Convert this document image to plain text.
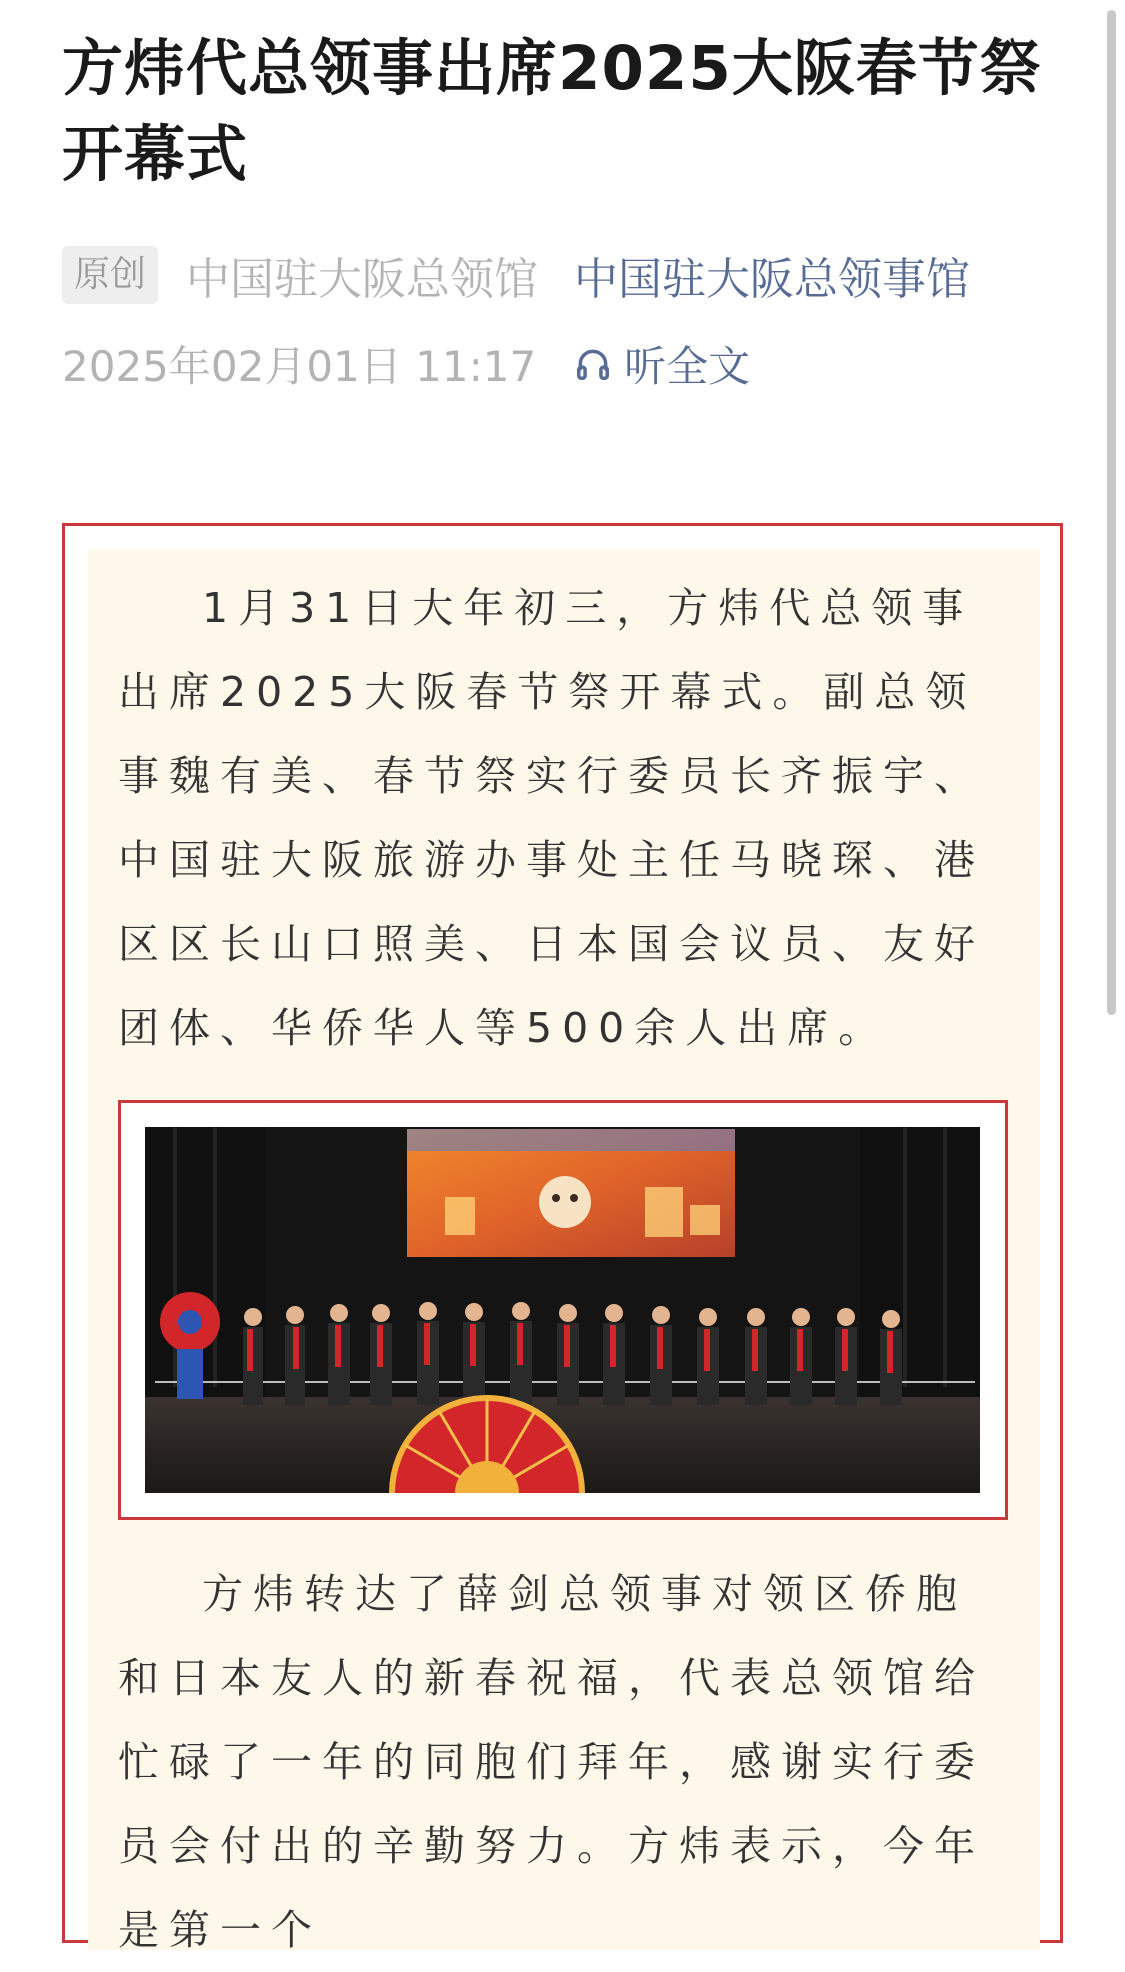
方炜代总领事出席2025大阪春节祭开幕式
原创 中国驻大阪总领馆 中国驻大阪总领事馆
2025年02月01日 11:17 听全文

1月31日大年初三，方炜代总领事出席2025大阪春节祭开幕式。副总领事魏有美、春节祭实行委员长齐振宇、中国驻大阪旅游办事处主任马晓琛、港区区长山口照美、日本国会议员、友好团体、华侨华人等500余人出席。

方炜转达了薛剑总领事对领区侨胞和日本友人的新春祝福，代表总领馆给忙碌了一年的同胞们拜年，感谢实行委员会付出的辛勤努力。方炜表示，今年是第一个
